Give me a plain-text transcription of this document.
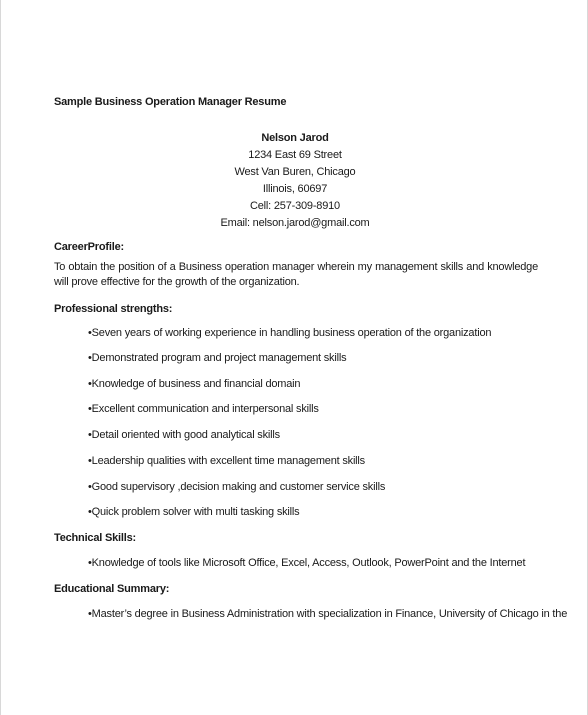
Sample Business Operation Manager Resume
Nelson Jarod
1234 East 69 Street
West Van Buren, Chicago
Illinois, 60697
Cell: 257-309-8910
Email: nelson.jarod@gmail.com
CareerProfile:
To obtain the position of a Business operation manager wherein my management skills and knowledge will prove effective for the growth of the organization.
Professional strengths:
•Seven years of working experience in handling business operation of the organization
•Demonstrated program and project management skills
•Knowledge of business and financial domain
•Excellent communication and interpersonal skills
•Detail oriented with good analytical skills
•Leadership qualities with excellent time management skills
•Good supervisory ,decision making and customer service skills
•Quick problem solver with multi tasking skills
Technical Skills:
•Knowledge of tools like Microsoft Office, Excel, Access, Outlook, PowerPoint and the Internet
Educational Summary:
•Master’s degree in Business Administration with specialization in Finance, University of Chicago in the
